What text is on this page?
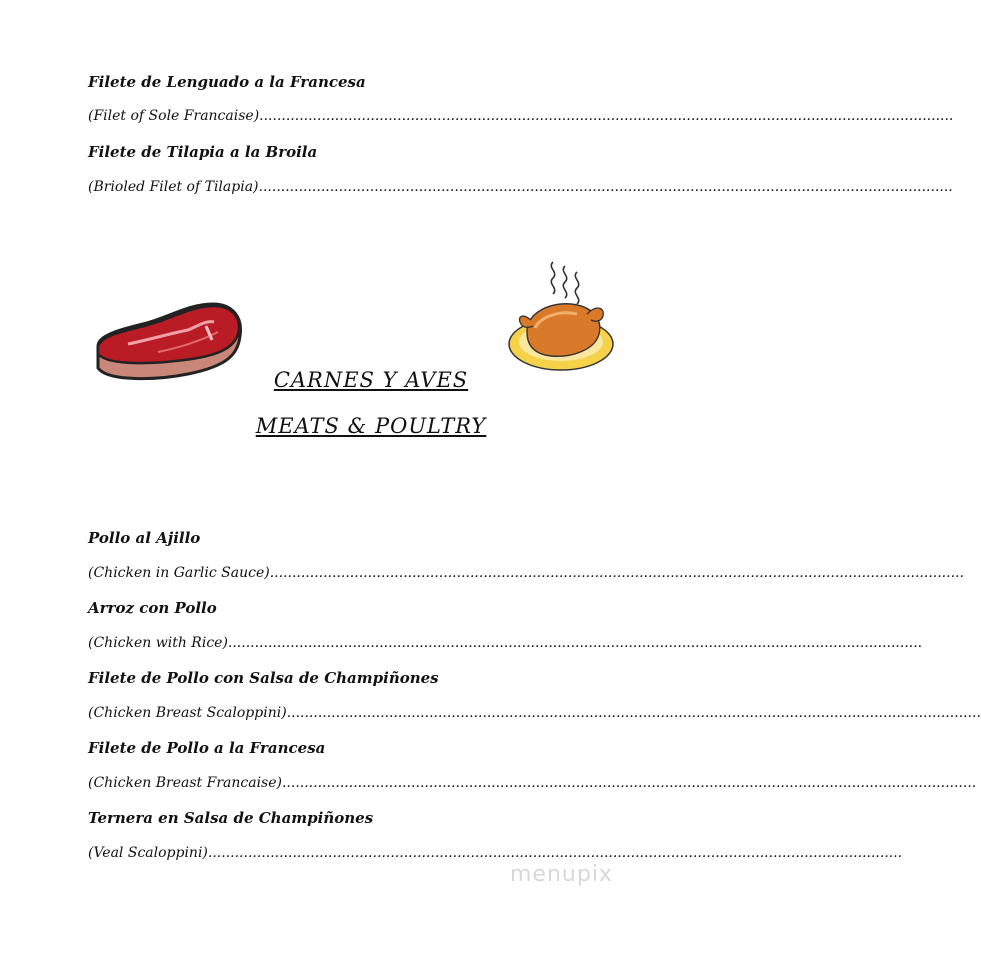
Filete de Lenguado a la Francesa
(Filet of Sole Francaise) ............................................................................................................................................................
Filete de Tilapia a la Broila
(Brioled Filet of Tilapia) ............................................................................................................................................................
CARNES Y AVES
MEATS & POULTRY
Pollo al Ajillo
(Chicken in Garlic Sauce) ............................................................................................................................................................
Arroz con Pollo
(Chicken with Rice) ............................................................................................................................................................
Filete de Pollo con Salsa de Champiñones
(Chicken Breast Scaloppini) ............................................................................................................................................................
Filete de Pollo a la Francesa
(Chicken Breast Francaise) ............................................................................................................................................................
Ternera en Salsa de Champiñones
(Veal Scaloppini) ............................................................................................................................................................
menupix
